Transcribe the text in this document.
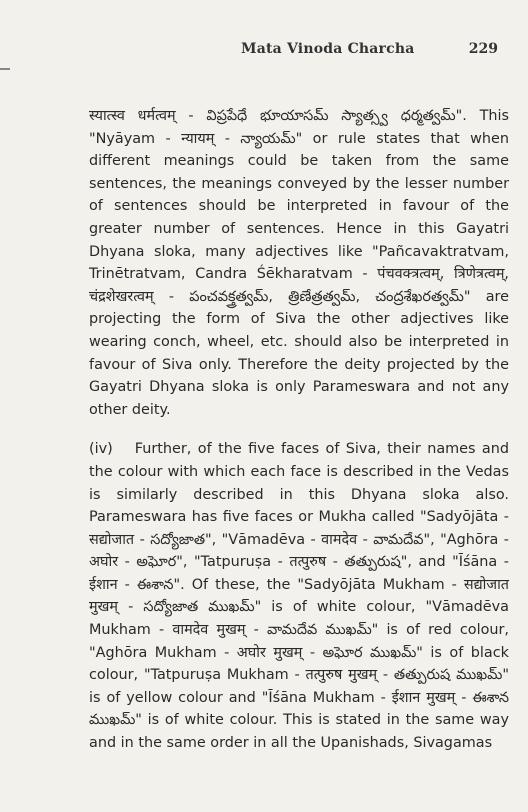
Mata Vinoda Charcha	229

स्यात्स्व धर्मत्वम् - విప్రపేధే భూయాసమ్ స్యాత్స్వ ధర్మత్వమ్". This "Nyāyam - न्यायम् - న్యాయమ్" or rule states that when different meanings could be taken from the same sentences, the meanings conveyed by the lesser number of sentences should be interpreted in favour of the greater number of sentences. Hence in this Gayatri Dhyana sloka, many adjectives like "Pañcavaktratvam, Trinētratvam, Candra Śēkharatvam - पंचवक्त्रत्वम्, त्रिणेत्रत्वम्, चंद्रशेखरत्वम् - పంచవక్త్రత్వమ్, త్రిణేత్రత్వమ్, చంద్రశేఖరత్వమ్" are projecting the form of Siva the other adjectives like wearing conch, wheel, etc. should also be interpreted in favour of Siva only. Therefore the deity projected by the Gayatri Dhyana sloka is only Parameswara and not any other deity.

(iv) Further, of the five faces of Siva, their names and the colour with which each face is described in the Vedas is similarly described in this Dhyana sloka also. Parameswara has five faces or Mukha called "Sadyōjāta - सद्योजात - సద్యోజాత", "Vāmadēva - वामदेव - వామదేవ", "Aghōra - अघोर - అఘోర", "Tatpuruṣa - तत्पुरुष - తత్పురుష", and "Īśāna - ईशान - ఈశాన". Of these, the "Sadyōjāta Mukham - सद्योजात मुखम् - సద్యోజాత ముఖమ్" is of white colour, "Vāmadēva Mukham - वामदेव मुखम् - వామదేవ ముఖమ్" is of red colour, "Aghōra Mukham - अघोर मुखम् - అఘోర ముఖమ్" is of black colour, "Tatpuruṣa Mukham - तत्पुरुष मुखम् - తత్పురుష ముఖమ్" is of yellow colour and "Īśāna Mukham - ईशान मुखम् - ఈశాన ముఖమ్" is of white colour. This is stated in the same way and in the same order in all the Upanishads, Sivagamas
